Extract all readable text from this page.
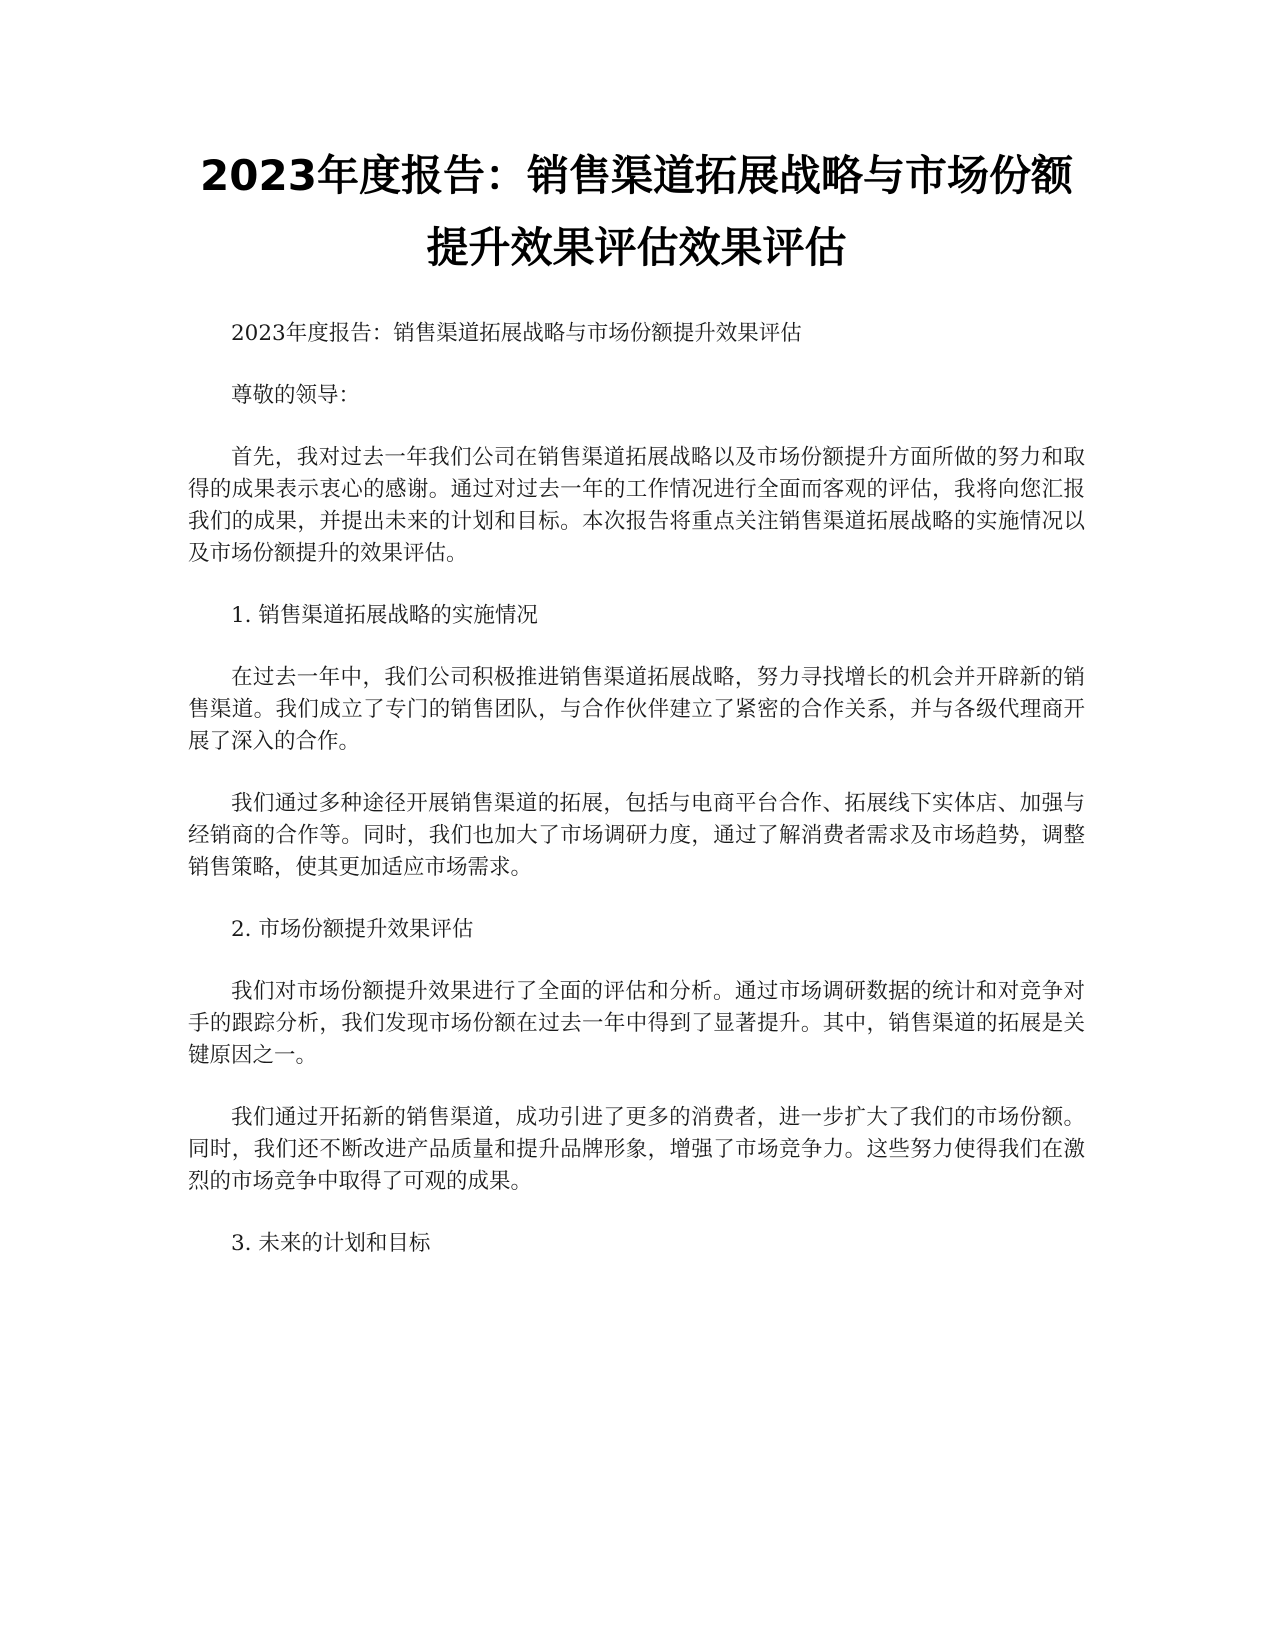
2023年度报告：销售渠道拓展战略与市场份额提升效果评估效果评估

2023年度报告：销售渠道拓展战略与市场份额提升效果评估

尊敬的领导：

首先，我对过去一年我们公司在销售渠道拓展战略以及市场份额提升方面所做的努力和取得的成果表示衷心的感谢。通过对过去一年的工作情况进行全面而客观的评估，我将向您汇报我们的成果，并提出未来的计划和目标。本次报告将重点关注销售渠道拓展战略的实施情况以及市场份额提升的效果评估。

1. 销售渠道拓展战略的实施情况

在过去一年中，我们公司积极推进销售渠道拓展战略，努力寻找增长的机会并开辟新的销售渠道。我们成立了专门的销售团队，与合作伙伴建立了紧密的合作关系，并与各级代理商开展了深入的合作。

我们通过多种途径开展销售渠道的拓展，包括与电商平台合作、拓展线下实体店、加强与经销商的合作等。同时，我们也加大了市场调研力度，通过了解消费者需求及市场趋势，调整销售策略，使其更加适应市场需求。

2. 市场份额提升效果评估

我们对市场份额提升效果进行了全面的评估和分析。通过市场调研数据的统计和对竞争对手的跟踪分析，我们发现市场份额在过去一年中得到了显著提升。其中，销售渠道的拓展是关键原因之一。

我们通过开拓新的销售渠道，成功引进了更多的消费者，进一步扩大了我们的市场份额。同时，我们还不断改进产品质量和提升品牌形象，增强了市场竞争力。这些努力使得我们在激烈的市场竞争中取得了可观的成果。

3. 未来的计划和目标
